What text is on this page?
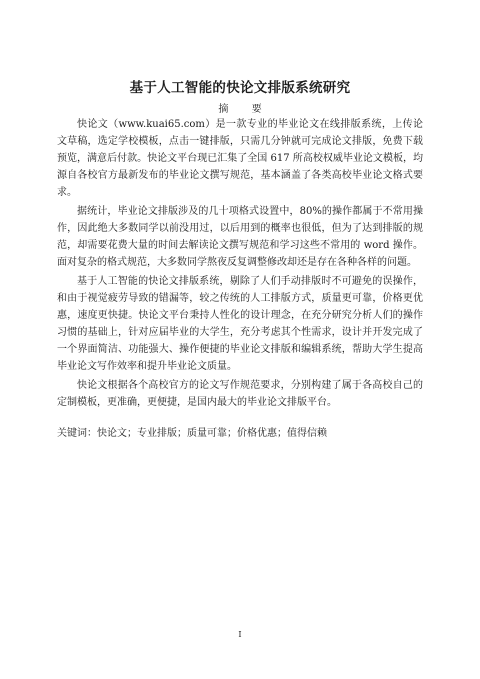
基于人工智能的快论文排版系统研究
摘 要

快论文（www.kuai65.com）是一款专业的毕业论文在线排版系统，上传论文草稿，选定学校模板，点击一键排版，只需几分钟就可完成论文排版，免费下载预览，满意后付款。快论文平台现已汇集了全国 617 所高校权威毕业论文模板，均源自各校官方最新发布的毕业论文撰写规范，基本涵盖了各类高校毕业论文格式要求。

据统计，毕业论文排版涉及的几十项格式设置中，80%的操作都属于不常用操作，因此绝大多数同学以前没用过，以后用到的概率也很低，但为了达到排版的规范，却需要花费大量的时间去解读论文撰写规范和学习这些不常用的 word 操作。面对复杂的格式规范，大多数同学熬夜反复调整修改却还是存在各种各样的问题。

基于人工智能的快论文排版系统，剔除了人们手动排版时不可避免的误操作，和由于视觉疲劳导致的错漏等，较之传统的人工排版方式，质量更可靠，价格更优惠，速度更快捷。快论文平台秉持人性化的设计理念，在充分研究分析人们的操作习惯的基础上，针对应届毕业的大学生，充分考虑其个性需求，设计并开发完成了一个界面简洁、功能强大、操作便捷的毕业论文排版和编辑系统，帮助大学生提高毕业论文写作效率和提升毕业论文质量。

快论文根据各个高校官方的论文写作规范要求，分别构建了属于各高校自己的定制模板，更准确，更便捷，是国内最大的毕业论文排版平台。

关键词：快论文；专业排版；质量可靠；价格优惠；值得信赖

I
